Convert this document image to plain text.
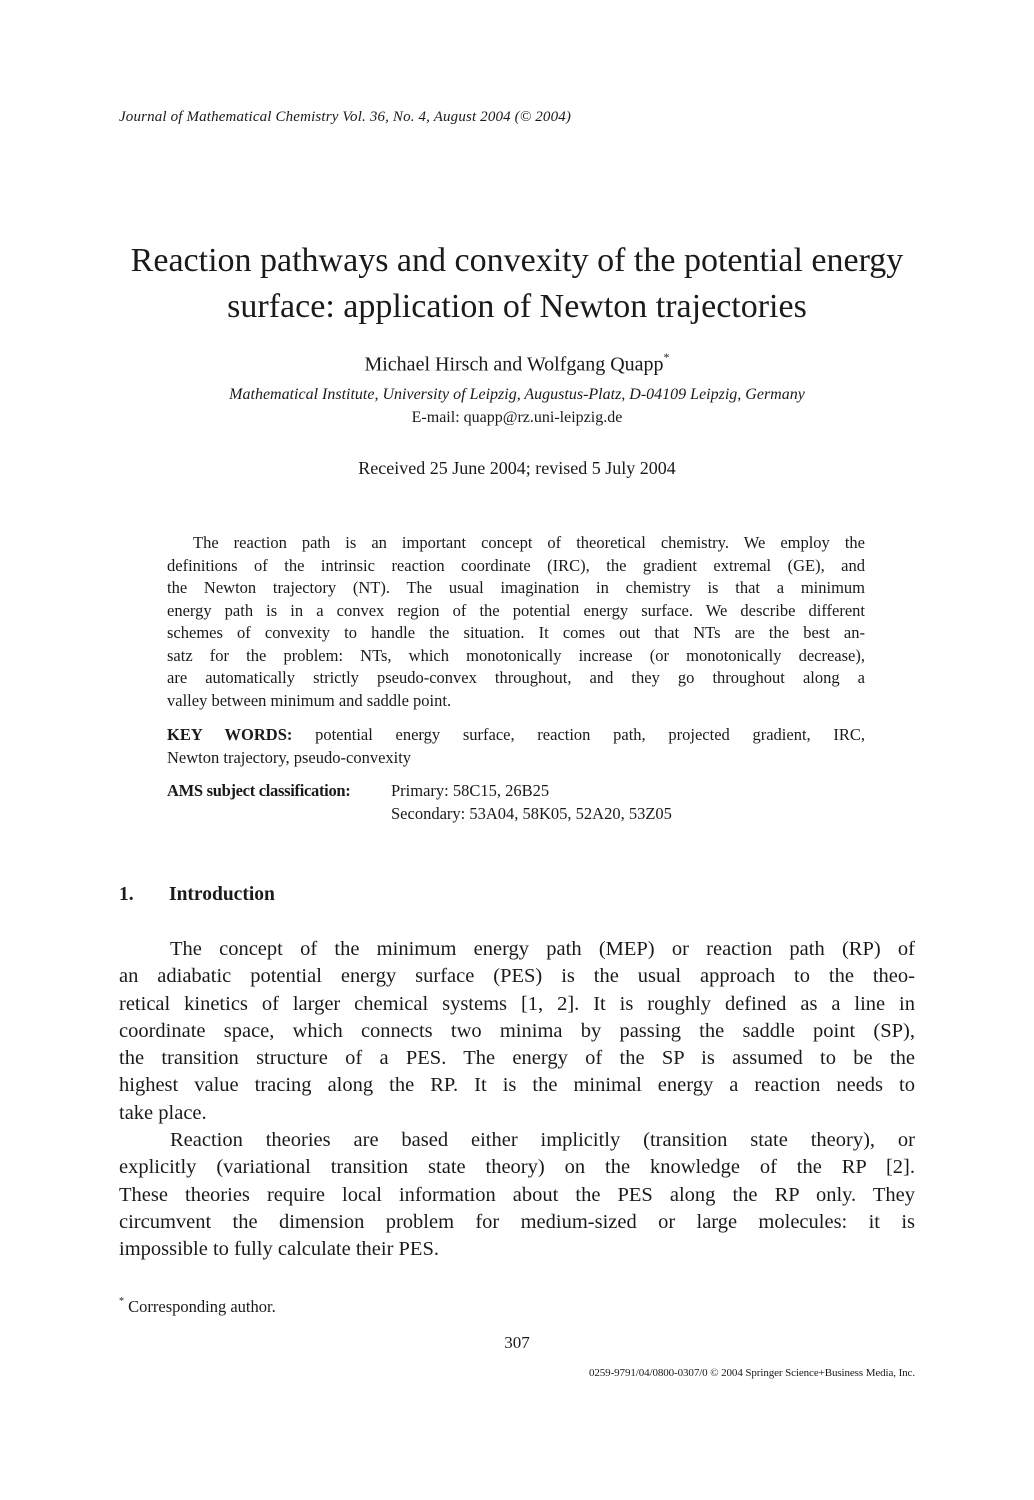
Journal of Mathematical Chemistry Vol. 36, No. 4, August 2004 (© 2004)
Reaction pathways and convexity of the potential energy
surface: application of Newton trajectories
Michael Hirsch and Wolfgang Quapp*
Mathematical Institute, University of Leipzig, Augustus-Platz, D-04109 Leipzig, Germany
E-mail: quapp@rz.uni-leipzig.de
Received 25 June 2004; revised 5 July 2004
The reaction path is an important concept of theoretical chemistry. We employ the
definitions of the intrinsic reaction coordinate (IRC), the gradient extremal (GE), and
the Newton trajectory (NT). The usual imagination in chemistry is that a minimum
energy path is in a convex region of the potential energy surface. We describe different
schemes of convexity to handle the situation. It comes out that NTs are the best an-
satz for the problem: NTs, which monotonically increase (or monotonically decrease),
are automatically strictly pseudo-convex throughout, and they go throughout along a
valley between minimum and saddle point.
KEY WORDS: potential energy surface, reaction path, projected gradient, IRC,
Newton trajectory, pseudo-convexity
AMS subject classification: Primary: 58C15, 26B25
Secondary: 53A04, 58K05, 52A20, 53Z05
1. Introduction
The concept of the minimum energy path (MEP) or reaction path (RP) of
an adiabatic potential energy surface (PES) is the usual approach to the theo-
retical kinetics of larger chemical systems [1, 2]. It is roughly defined as a line in
coordinate space, which connects two minima by passing the saddle point (SP),
the transition structure of a PES. The energy of the SP is assumed to be the
highest value tracing along the RP. It is the minimal energy a reaction needs to
take place.
Reaction theories are based either implicitly (transition state theory), or
explicitly (variational transition state theory) on the knowledge of the RP [2].
These theories require local information about the PES along the RP only. They
circumvent the dimension problem for medium-sized or large molecules: it is
impossible to fully calculate their PES.
* Corresponding author.
307
0259-9791/04/0800-0307/0 © 2004 Springer Science+Business Media, Inc.
